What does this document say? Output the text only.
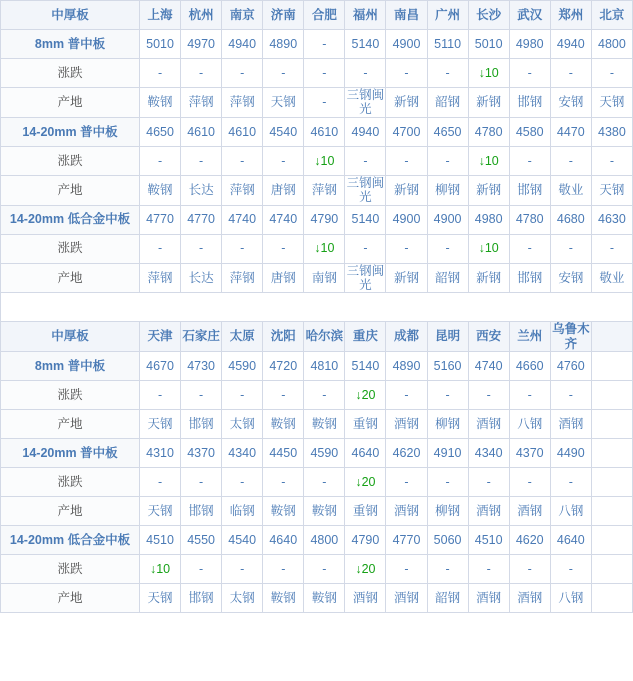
中厚板	上海	杭州	南京	济南	合肥	福州	南昌	广州	长沙	武汉	郑州	北京
8mm 普中板	5010	4970	4940	4890	-	5140	4900	5110	5010	4980	4940	4800
涨跌	-	-	-	-	-	-	-	-	↓10	-	-	-
产地	鞍钢	萍钢	萍钢	天钢	-	三钢闽光	新钢	韶钢	新钢	邯钢	安钢	天钢
14-20mm 普中板	4650	4610	4610	4540	4610	4940	4700	4650	4780	4580	4470	4380
涨跌	-	-	-	-	↓10	-	-	-	↓10	-	-	-
产地	鞍钢	长达	萍钢	唐钢	萍钢	三钢闽光	新钢	柳钢	新钢	邯钢	敬业	天钢
14-20mm 低合金中板	4770	4770	4740	4740	4790	5140	4900	4900	4980	4780	4680	4630
涨跌	-	-	-	-	↓10	-	-	-	↓10	-	-	-
产地	萍钢	长达	萍钢	唐钢	南钢	三钢闽光	新钢	韶钢	新钢	邯钢	安钢	敬业

中厚板	天津	石家庄	太原	沈阳	哈尔滨	重庆	成都	昆明	西安	兰州	乌鲁木齐	
8mm 普中板	4670	4730	4590	4720	4810	5140	4890	5160	4740	4660	4760	
涨跌	-	-	-	-	-	↓20	-	-	-	-	-	
产地	天钢	邯钢	太钢	鞍钢	鞍钢	重钢	酒钢	柳钢	酒钢	八钢	酒钢	
14-20mm 普中板	4310	4370	4340	4450	4590	4640	4620	4910	4340	4370	4490	
涨跌	-	-	-	-	-	↓20	-	-	-	-	-	
产地	天钢	邯钢	临钢	鞍钢	鞍钢	重钢	酒钢	柳钢	酒钢	酒钢	八钢	
14-20mm 低合金中板	4510	4550	4540	4640	4800	4790	4770	5060	4510	4620	4640	
涨跌	↓10	-	-	-	-	↓20	-	-	-	-	-	
产地	天钢	邯钢	太钢	鞍钢	鞍钢	酒钢	酒钢	韶钢	酒钢	酒钢	八钢	
